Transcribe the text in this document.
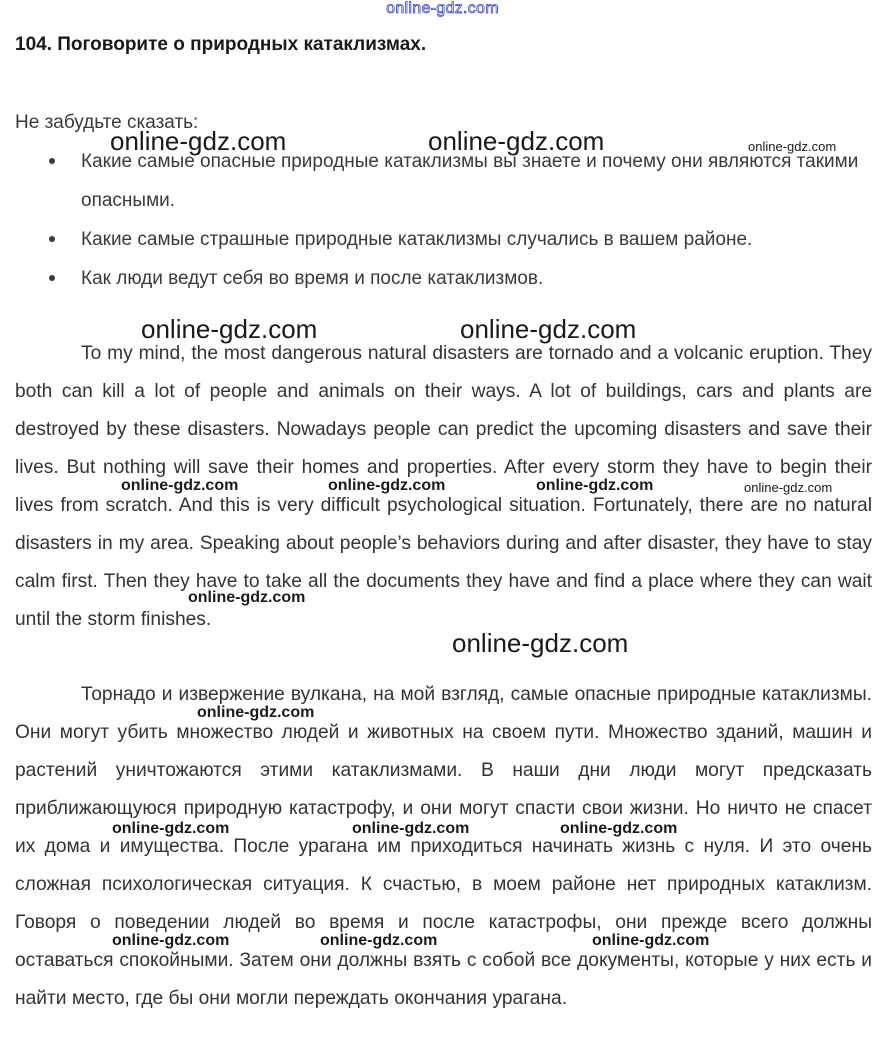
online-gdz.com
104. Поговорите о природных катаклизмах.

Не забудьте сказать:

Какие самые опасные природные катаклизмы вы знаете и почему они являются такими опасными.
Какие самые страшные природные катаклизмы случались в вашем районе.
Как люди ведут себя во время и после катаклизмов.

To my mind, the most dangerous natural disasters are tornado and a volcanic eruption. They both can kill a lot of people and animals on their ways. A lot of buildings, cars and plants are destroyed by these disasters. Nowadays people can predict the upcoming disasters and save their lives. But nothing will save their homes and properties. After every storm they have to begin their lives from scratch. And this is very difficult psychological situation. Fortunately, there are no natural disasters in my area. Speaking about people’s behaviors during and after disaster, they have to stay calm first. Then they have to take all the documents they have and find a place where they can wait until the storm finishes.

Торнадо и извержение вулкана, на мой взгляд, самые опасные природные катаклизмы. Они могут убить множество людей и животных на своем пути. Множество зданий, машин и растений уничтожаются этими катаклизмами. В наши дни люди могут предсказать приближающуюся природную катастрофу, и они могут спасти свои жизни. Но ничто не спасет их дома и имущества. После урагана им приходиться начинать жизнь с нуля. И это очень сложная психологическая ситуация. К счастью, в моем районе нет природных катаклизм. Говоря о поведении людей во время и после катастрофы, они прежде всего должны оставаться спокойными. Затем они должны взять с собой все документы, которые у них есть и найти место, где бы они могли переждать окончания урагана.

online-gdz.com	online-gdz.com	online-gdz.com
online-gdz.com	online-gdz.com
online-gdz.com	online-gdz.com	online-gdz.com	online-gdz.com
online-gdz.com
online-gdz.com
online-gdz.com
online-gdz.com	online-gdz.com	online-gdz.com
online-gdz.com	online-gdz.com	online-gdz.com
